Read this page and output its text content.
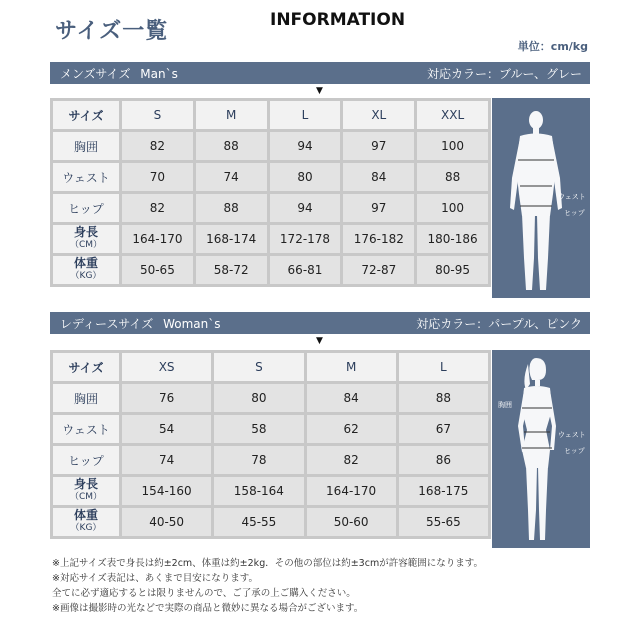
サイズ一覧	INFORMATION
単位：cm/kg
メンズサイズ Man`s	対応カラー：ブルー、グレー
▼
サイズ	S	M	L	XL	XXL
胸囲	82	88	94	97	100
ウェスト	70	74	80	84	88
ヒップ	82	88	94	97	100

身長
（CM）	164-170	168-174	172-178	176-182	180-186

体重
（KG）	50-65	58-72	66-81	72-87	80-95
ウェスト
ヒップ
レディースサイズ Woman`s	対応カラー：パープル、ピンク
▼
サイズ	XS	S	M	L
胸囲	76	80	84	88
ウェスト	54	58	62	67
ヒップ	74	78	82	86

身長
（CM）	154-160	158-164	164-170	168-175

体重
（KG）	40-50	45-55	50-60	55-65
胸囲
ウェスト
ヒップ
※上記サイズ表で身長は約±2cm、体重は約±2kg．その他の部位は約±3cmが許容範囲になります。
※対応サイズ表記は、あくまで目安になります。
全てに必ず適応するとは限りませんので、ご了承の上ご購入ください。
※画像は撮影時の光などで実際の商品と微妙に異なる場合がございます。
